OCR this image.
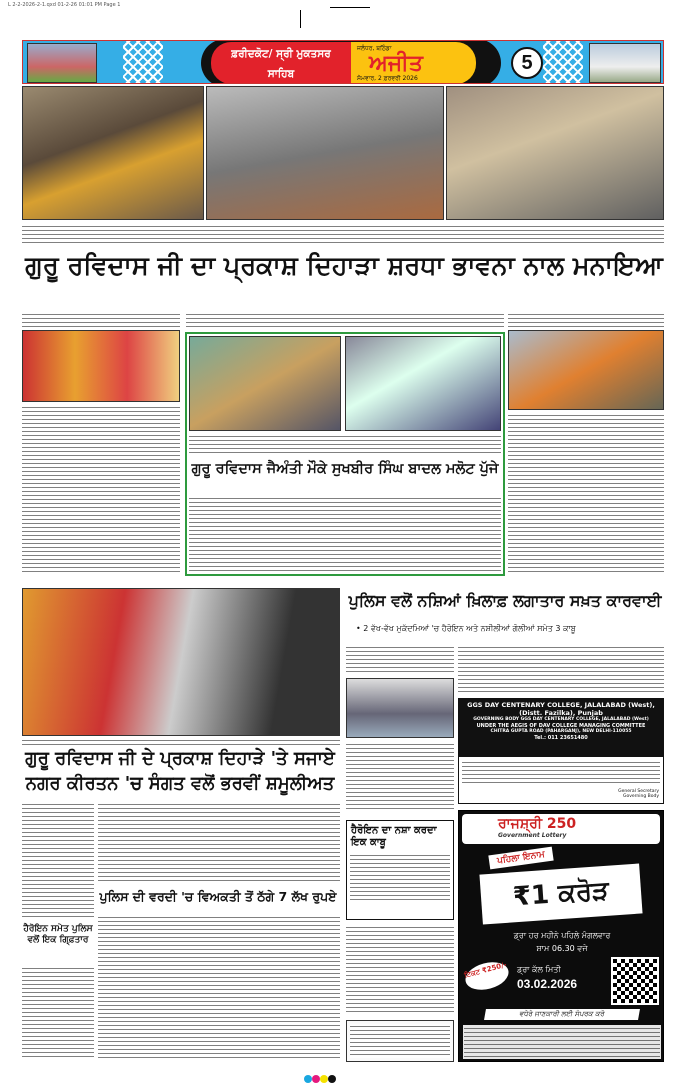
L 2-2-2026-2-1.qxd 01-2-26 01:01 PM Page 1
ਫ਼ਰੀਦਕੋਟ/ ਸ੍ਰੀ ਮੁਕਤਸਰ ਸਾਹਿਬ
ਜਲੰਧਰ, ਬਠਿੰਡਾ
ਅਜੀਤ
ਸੋਮਵਾਰ, 2 ਫ਼ਰਵਰੀ 2026
5
ਗੁਰੂ ਰਵਿਦਾਸ ਜੀ ਦਾ ਪ੍ਰਕਾਸ਼ ਦਿਹਾੜਾ ਸ਼ਰਧਾ ਭਾਵਨਾ ਨਾਲ ਮਨਾਇਆ
ਗੁਰੂ ਰਵਿਦਾਸ ਜੈਅੰਤੀ ਮੌਕੇ ਸੁਖਬੀਰ ਸਿੰਘ ਬਾਦਲ ਮਲੋਟ ਪੁੱਜੇ
ਗੁਰੂ ਰਵਿਦਾਸ ਜੀ ਦੇ ਪ੍ਰਕਾਸ਼ ਦਿਹਾੜੇ 'ਤੇ ਸਜਾਏ
ਨਗਰ ਕੀਰਤਨ 'ਚ ਸੰਗਤ ਵਲੋਂ ਭਰਵੀਂ ਸ਼ਮੂਲੀਅਤ
ਪੁਲਿਸ ਦੀ ਵਰਦੀ 'ਚ ਵਿਅਕਤੀ ਤੋਂ ਠੱਗੇ 7 ਲੱਖ ਰੁਪਏ
ਹੈਰੋਇਨ ਸਮੇਤ ਪੁਲਿਸ ਵਲੋਂ ਇਕ ਗਿ੍ਫ਼ਤਾਰ
ਪੁਲਿਸ ਵਲੋਂ ਨਸ਼ਿਆਂ ਖ਼ਿਲਾਫ਼ ਲਗਾਤਾਰ ਸਖ਼ਤ ਕਾਰਵਾਈ
• 2 ਵੱਖ-ਵੱਖ ਮੁਕੱਦਮਿਆਂ 'ਚ ਹੈਰੋਇਨ ਅਤੇ ਨਸ਼ੀਲੀਆਂ ਗੋਲੀਆਂ ਸਮੇਤ 3 ਕਾਬੂ
GGS DAY CENTENARY COLLEGE, JALALABAD (West), (Distt. Fazilka), Punjab
GOVERNING BODY GGS DAY CENTENARY COLLEGE, JALALABAD (West)
UNDER THE AEGIS OF DAV COLLEGE MANAGING COMMITTEE
CHITRA GUPTA ROAD (PAHARGANJ), NEW DELHI-110055
Tel.: 011 23651480
General Secretary Governing Body
ਹੈਰੋਇਨ ਦਾ ਨਸ਼ਾ ਕਰਦਾ ਇਕ ਕਾਬੂ
ਰਾਜਸ਼੍ਰੀ 250
Government Lottery
ਪਹਿਲਾ ਇਨਾਮ
₹1 ਕਰੋੜ
ਡ੍ਰਾ ਹਰ ਮਹੀਨੇ ਪਹਿਲੇ ਮੰਗਲਵਾਰ
ਸ਼ਾਮ 06.30 ਵਜੇ
ਟਿਕਟ ₹250/-	ਡ੍ਰਾ ਕੱਲ ਮਿਤੀ
03.02.2026
ਵਧੇਰੇ ਜਾਣਕਾਰੀ ਲਈ ਸੰਪਰਕ ਕਰੋ
